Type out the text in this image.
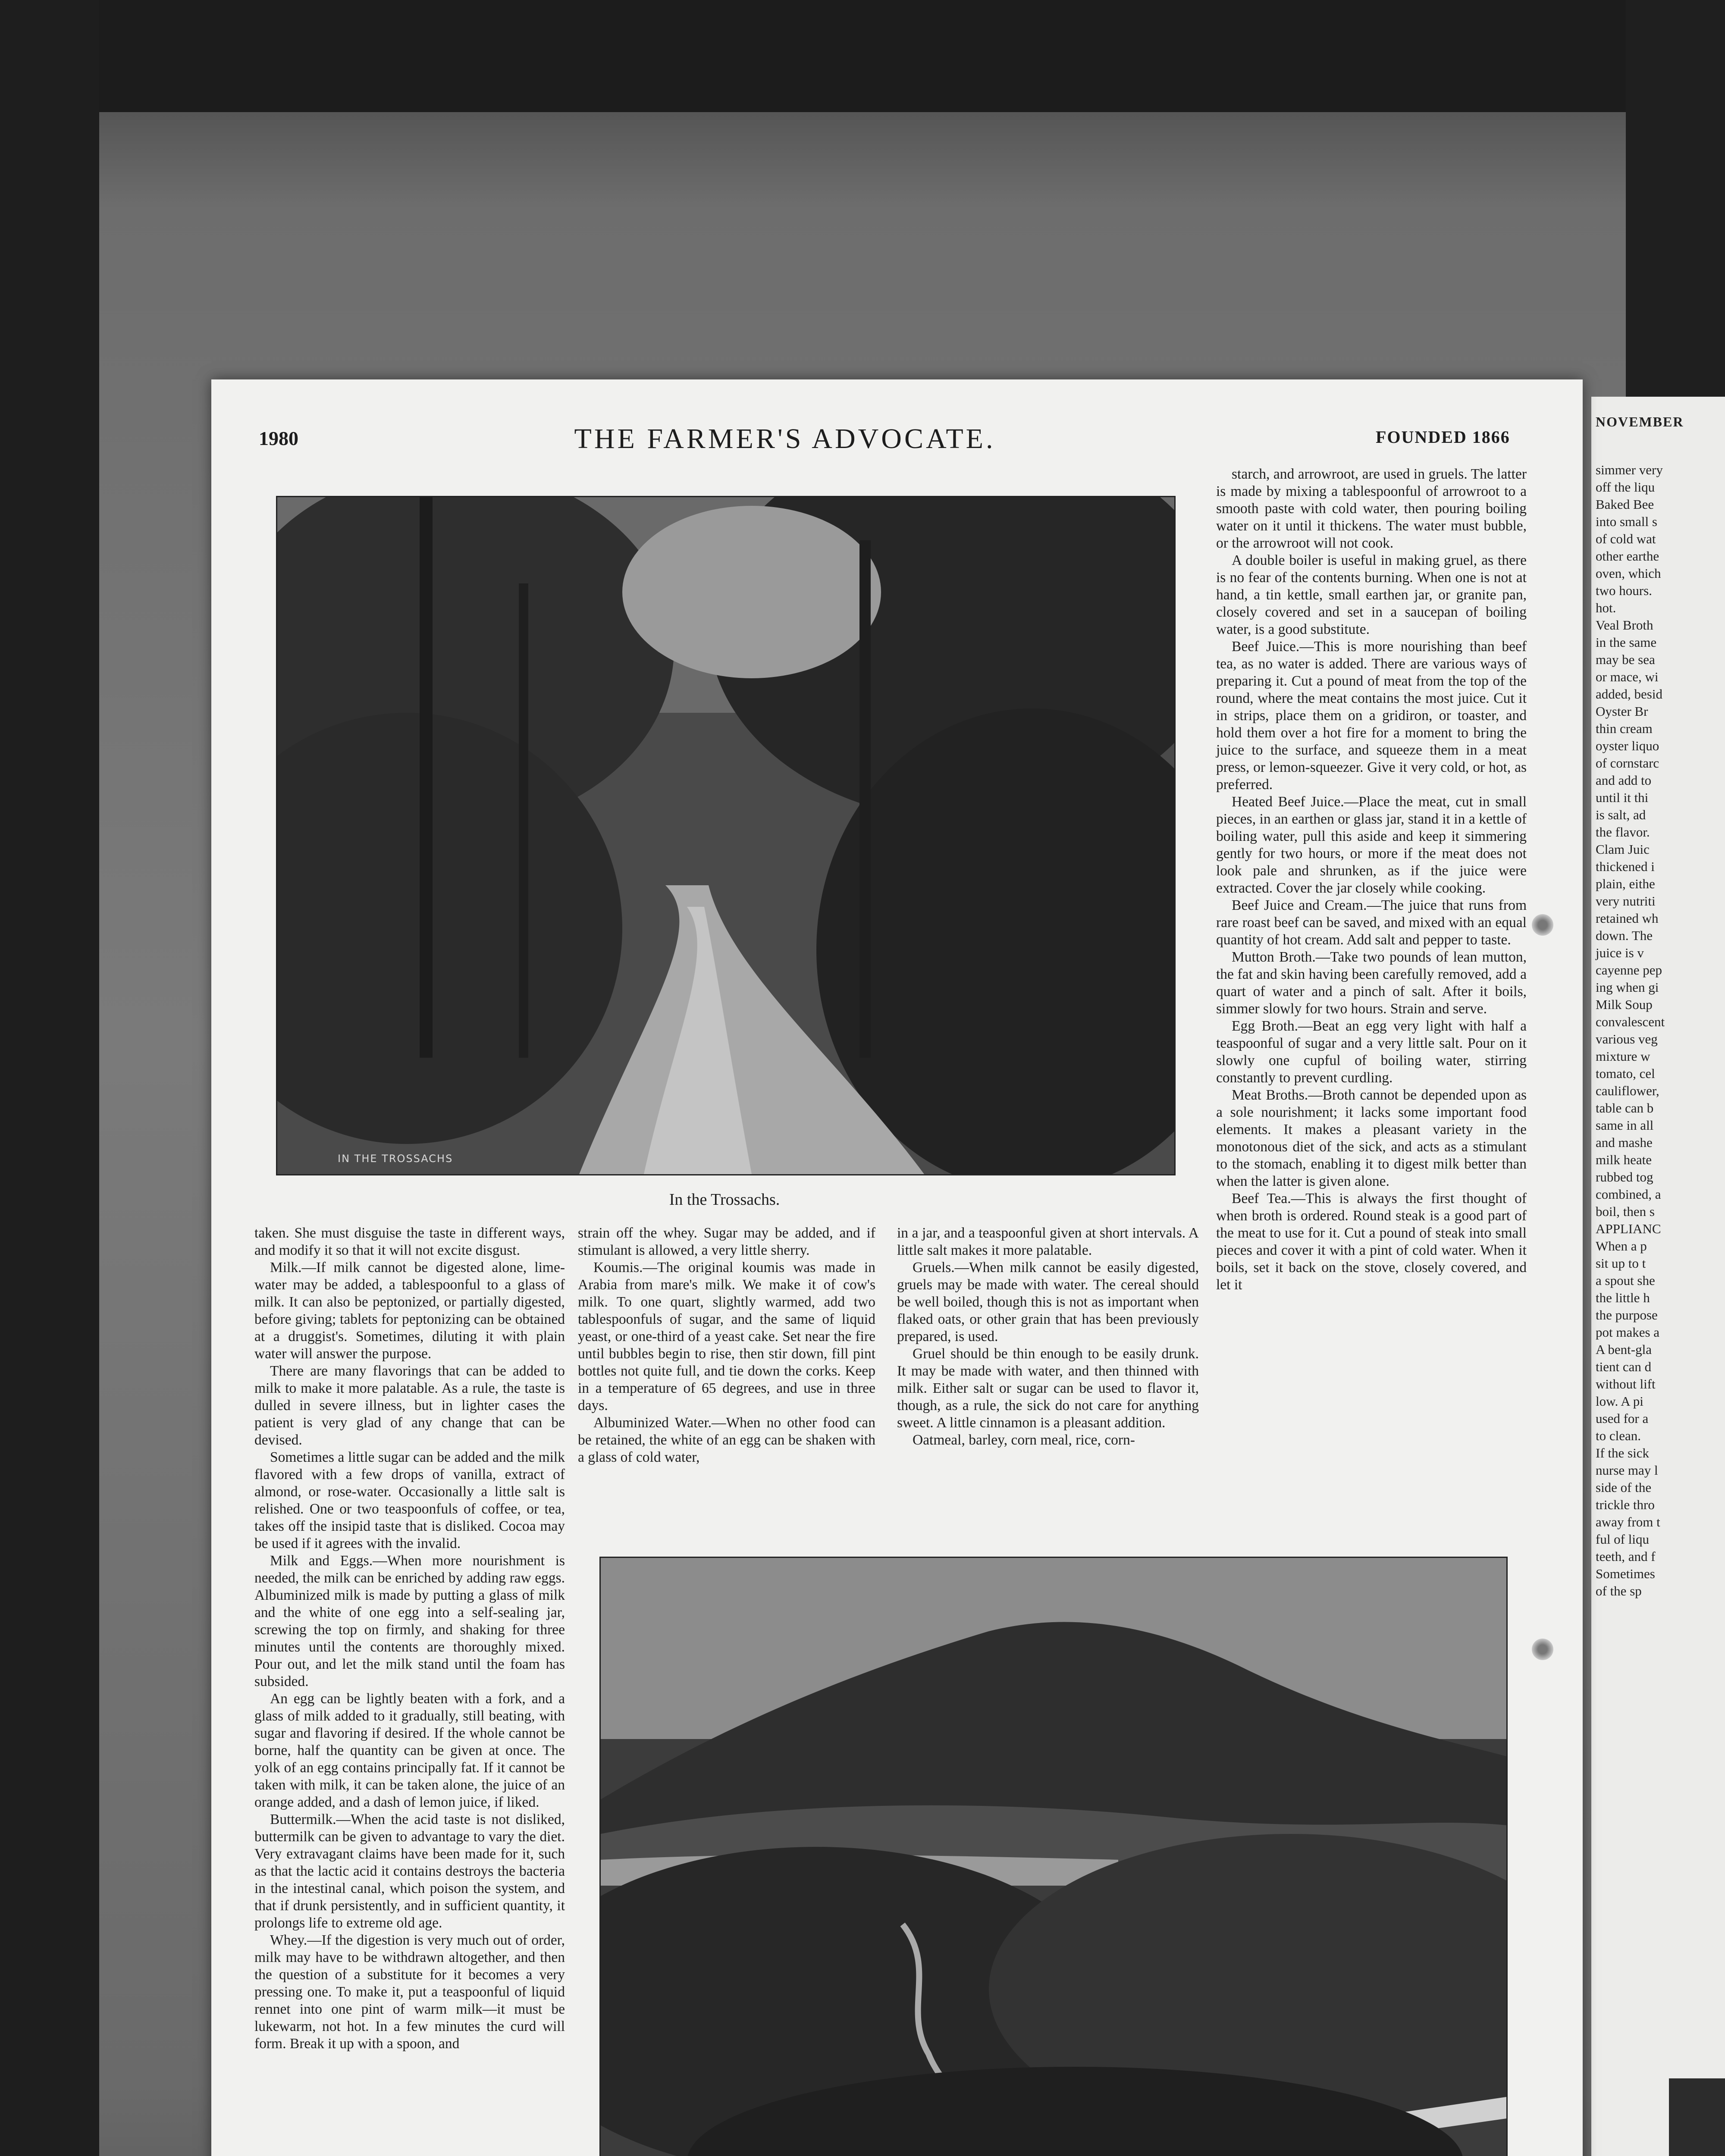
NOVEMBER
simmer very
off the liqu
Baked Bee
into small s
of cold wat
other earthe
oven, which
two hours.
hot.
Veal Broth
in the same
may be sea
or mace, wi
added, besid
Oyster Br
thin cream
oyster liquo
of cornstarc
and add to
until it thi
is salt, ad
the flavor.
Clam Juic
thickened i
plain, eithe
very nutriti
retained wh
down. The
juice is v
cayenne pep
ing when gi
Milk Soup
convalescent
various veg
mixture w
tomato, cel
cauliflower,
table can b
same in all
and mashe
milk heate
rubbed tog
combined, a
boil, then s
APPLIANC
When a p
sit up to t
a spout she
the little h
the purpose
pot makes a
A bent-gla
tient can d
without lift
low. A pi
used for a
to clean.
If the sick
nurse may l
side of the
trickle thro
away from t
ful of liqu
teeth, and f
Sometimes
of the sp
1980	THE FARMER'S ADVOCATE.	FOUNDED 1866
IN THE TROSSACHS
In the Trossachs.

starch, and arrowroot, are used in gruels. The latter is made by mixing a tablespoonful of arrowroot to a smooth paste with cold water, then pouring boiling water on it until it thickens. The water must bubble, or the arrowroot will not cook.

A double boiler is useful in making gruel, as there is no fear of the contents burning. When one is not at hand, a tin kettle, small earthen jar, or granite pan, closely covered and set in a saucepan of boiling water, is a good substitute.

Beef Juice.—This is more nourishing than beef tea, as no water is added. There are various ways of preparing it. Cut a pound of meat from the top of the round, where the meat contains the most juice. Cut it in strips, place them on a gridiron, or toaster, and hold them over a hot fire for a moment to bring the juice to the surface, and squeeze them in a meat press, or lemon-squeezer. Give it very cold, or hot, as preferred.

Heated Beef Juice.—Place the meat, cut in small pieces, in an earthen or glass jar, stand it in a kettle of boiling water, pull this aside and keep it simmering gently for two hours, or more if the meat does not look pale and shrunken, as if the juice were extracted. Cover the jar closely while cooking.

Beef Juice and Cream.—The juice that runs from rare roast beef can be saved, and mixed with an equal quantity of hot cream. Add salt and pepper to taste.

Mutton Broth.—Take two pounds of lean mutton, the fat and skin having been carefully removed, add a quart of water and a pinch of salt. After it boils, simmer slowly for two hours. Strain and serve.

Egg Broth.—Beat an egg very light with half a teaspoonful of sugar and a very little salt. Pour on it slowly one cupful of boiling water, stirring constantly to prevent curdling.

Meat Broths.—Broth cannot be depended upon as a sole nourishment; it lacks some important food elements. It makes a pleasant variety in the monotonous diet of the sick, and acts as a stimulant to the stomach, enabling it to digest milk better than when the latter is given alone.

Beef Tea.—This is always the first thought of when broth is ordered. Round steak is a good part of the meat to use for it. Cut a pound of steak into small pieces and cover it with a pint of cold water. When it boils, set it back on the stove, closely covered, and let it

taken. She must disguise the taste in different ways, and modify it so that it will not excite disgust.

Milk.—If milk cannot be digested alone, lime-water may be added, a tablespoonful to a glass of milk. It can also be peptonized, or partially digested, before giving; tablets for peptonizing can be obtained at a druggist's. Sometimes, diluting it with plain water will answer the purpose.

There are many flavorings that can be added to milk to make it more palatable. As a rule, the taste is dulled in severe illness, but in lighter cases the patient is very glad of any change that can be devised.

Sometimes a little sugar can be added and the milk flavored with a few drops of vanilla, extract of almond, or rose-water. Occasionally a little salt is relished. One or two teaspoonfuls of coffee, or tea, takes off the insipid taste that is disliked. Cocoa may be used if it agrees with the invalid.

Milk and Eggs.—When more nourishment is needed, the milk can be enriched by adding raw eggs. Albuminized milk is made by putting a glass of milk and the white of one egg into a self-sealing jar, screwing the top on firmly, and shaking for three minutes until the contents are thoroughly mixed. Pour out, and let the milk stand until the foam has subsided.

An egg can be lightly beaten with a fork, and a glass of milk added to it gradually, still beating, with sugar and flavoring if desired. If the whole cannot be borne, half the quantity can be given at once. The yolk of an egg contains principally fat. If it cannot be taken with milk, it can be taken alone, the juice of an orange added, and a dash of lemon juice, if liked.

Buttermilk.—When the acid taste is not disliked, buttermilk can be given to advantage to vary the diet. Very extravagant claims have been made for it, such as that the lactic acid it contains destroys the bacteria in the intestinal canal, which poison the system, and that if drunk persistently, and in sufficient quantity, it prolongs life to extreme old age.

Whey.—If the digestion is very much out of order, milk may have to be withdrawn altogether, and then the question of a substitute for it becomes a very pressing one. To make it, put a teaspoonful of liquid rennet into one pint of warm milk—it must be lukewarm, not hot. In a few minutes the curd will form. Break it up with a spoon, and

strain off the whey. Sugar may be added, and if stimulant is allowed, a very little sherry.

Koumis.—The original koumis was made in Arabia from mare's milk. We make it of cow's milk. To one quart, slightly warmed, add two tablespoonfuls of sugar, and the same of liquid yeast, or one-third of a yeast cake. Set near the fire until bubbles begin to rise, then stir down, fill pint bottles not quite full, and tie down the corks. Keep in a temperature of 65 degrees, and use in three days.

Albuminized Water.—When no other food can be retained, the white of an egg can be shaken with a glass of cold water,

in a jar, and a teaspoonful given at short intervals. A little salt makes it more palatable.

Gruels.—When milk cannot be easily digested, gruels may be made with water. The cereal should be well boiled, though this is not as important when flaked oats, or other grain that has been previously prepared, is used.

Gruel should be thin enough to be easily drunk. It may be made with water, and then thinned with milk. Either salt or sugar can be used to flavor it, though, as a rule, the sick do not care for anything sweet. A little cinnamon is a pleasant addition.

Oatmeal, barley, corn meal, rice, corn-
